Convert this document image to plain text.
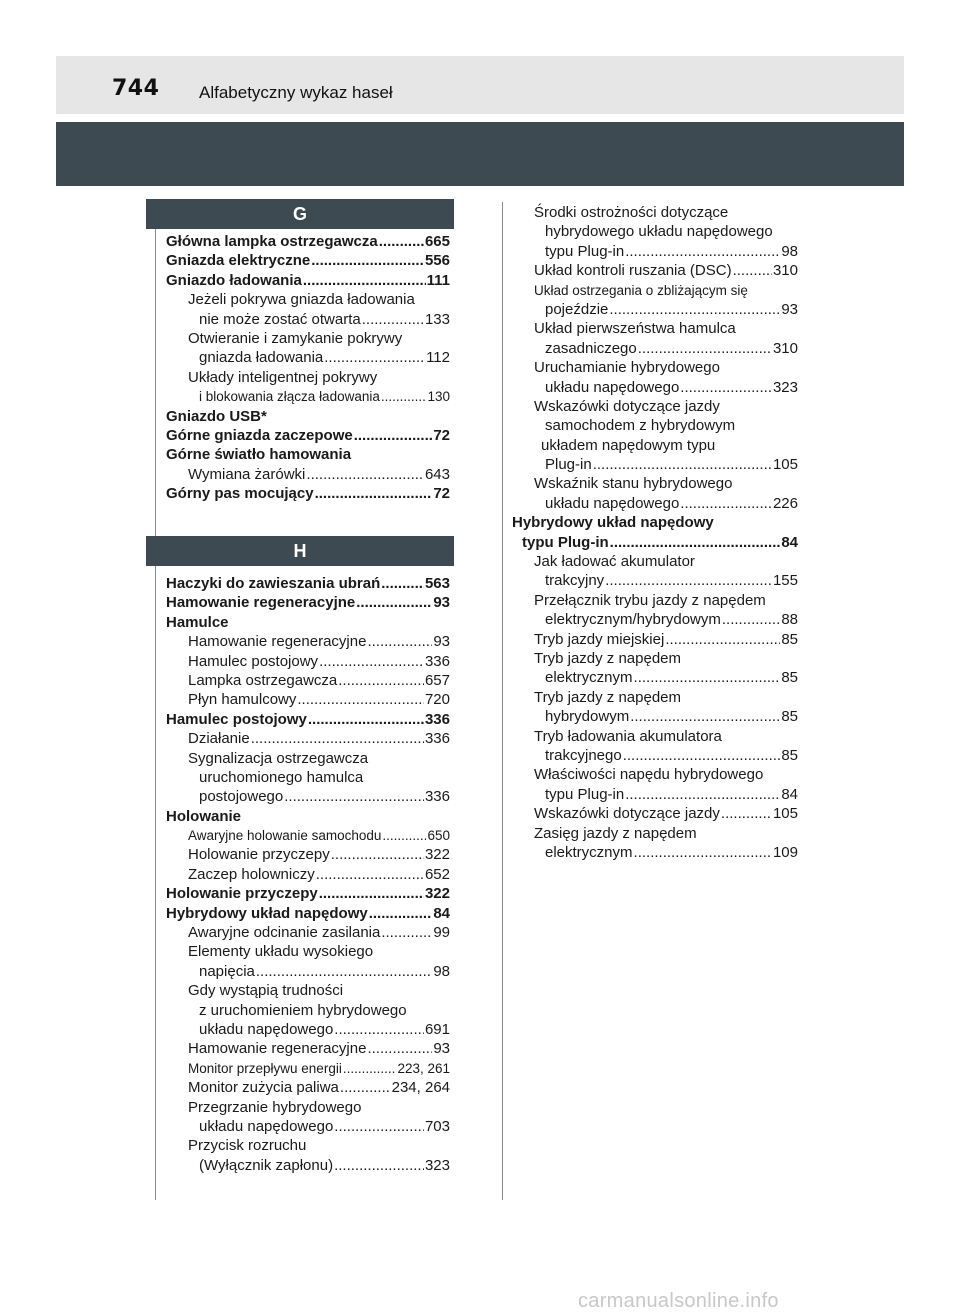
744 Alfabetyczny wykaz haseł
G
Główna lampka ostrzegawcza .....	665
Gniazda elektryczne .....	556
Gniazdo ładowania .....	111
Jeżeli pokrywa gniazda ładowania
nie może zostać otwarta .....	133
Otwieranie i zamykanie pokrywy
gniazda ładowania .....	112
Układy inteligentnej pokrywy
i blokowania złącza ładowania .....	130
Gniazdo USB*
Górne gniazda zaczepowe .....	72
Górne światło hamowania
Wymiana żarówki .....	643
Górny pas mocujący .....	72
H
Haczyki do zawieszania ubrań .....	563
Hamowanie regeneracyjne .....	93
Hamulce
Hamowanie regeneracyjne .....	93
Hamulec postojowy .....	336
Lampka ostrzegawcza .....	657
Płyn hamulcowy .....	720
Hamulec postojowy .....	336
Działanie .....	336
Sygnalizacja ostrzegawcza
uruchomionego hamulca
postojowego .....	336
Holowanie
Awaryjne holowanie samochodu .....	650
Holowanie przyczepy .....	322
Zaczep holowniczy .....	652
Holowanie przyczepy .....	322
Hybrydowy układ napędowy .....	84
Awaryjne odcinanie zasilania .....	99
Elementy układu wysokiego
napięcia .....	98
Gdy wystąpią trudności
z uruchomieniem hybrydowego
układu napędowego .....	691
Hamowanie regeneracyjne .....	93
Monitor przepływu energii .....	223, 261
Monitor zużycia paliwa .....	234, 264
Przegrzanie hybrydowego
układu napędowego .....	703
Przycisk rozruchu
(Wyłącznik zapłonu) .....	323
Środki ostrożności dotyczące
hybrydowego układu napędowego
typu Plug-in .....	98
Układ kontroli ruszania (DSC) .....	310
Układ ostrzegania o zbliżającym się
pojeździe .....	93
Układ pierwszeństwa hamulca
zasadniczego .....	310
Uruchamianie hybrydowego
układu napędowego .....	323
Wskazówki dotyczące jazdy
samochodem z hybrydowym
układem napędowym typu
Plug-in .....	105
Wskaźnik stanu hybrydowego
układu napędowego .....	226
Hybrydowy układ napędowy
typu Plug-in .....	84
Jak ładować akumulator
trakcyjny .....	155
Przełącznik trybu jazdy z napędem
elektrycznym/hybrydowym .....	88
Tryb jazdy miejskiej .....	85
Tryb jazdy z napędem
elektrycznym .....	85
Tryb jazdy z napędem
hybrydowym .....	85
Tryb ładowania akumulatora
trakcyjnego .....	85
Właściwości napędu hybrydowego
typu Plug-in .....	84
Wskazówki dotyczące jazdy .....	105
Zasięg jazdy z napędem
elektrycznym .....	109
carmanualsonline.info
